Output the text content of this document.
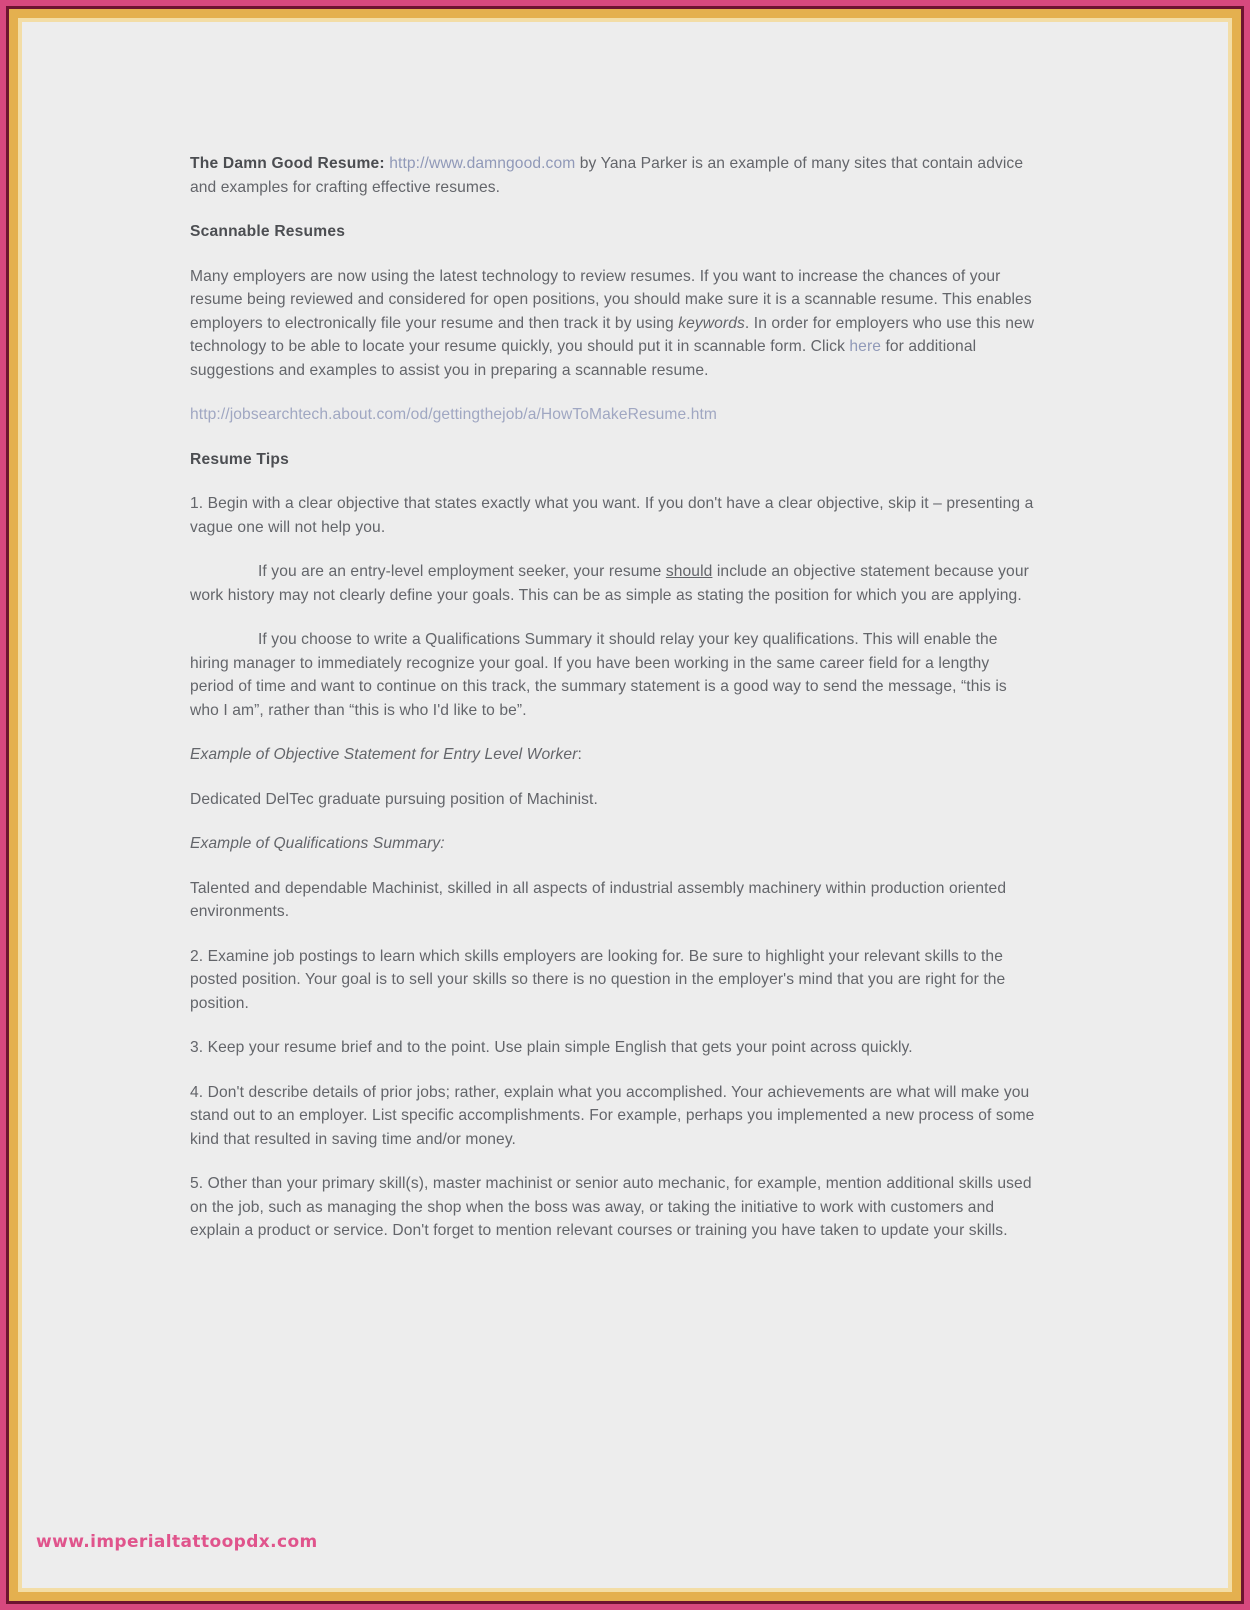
The Damn Good Resume: http://www.damngood.com by Yana Parker is an example of many sites that contain advice and examples for crafting effective resumes.

Scannable Resumes

Many employers are now using the latest technology to review resumes. If you want to increase the chances of your resume being reviewed and considered for open positions, you should make sure it is a scannable resume. This enables employers to electronically file your resume and then track it by using keywords. In order for employers who use this new technology to be able to locate your resume quickly, you should put it in scannable form. Click here for additional suggestions and examples to assist you in preparing a scannable resume.

http://jobsearchtech.about.com/od/gettingthejob/a/HowToMakeResume.htm

Resume Tips

1. Begin with a clear objective that states exactly what you want. If you don't have a clear objective, skip it – presenting a vague one will not help you.

If you are an entry-level employment seeker, your resume should include an objective statement because your work history may not clearly define your goals. This can be as simple as stating the position for which you are applying.

If you choose to write a Qualifications Summary it should relay your key qualifications. This will enable the hiring manager to immediately recognize your goal. If you have been working in the same career field for a lengthy period of time and want to continue on this track, the summary statement is a good way to send the message, “this is who I am”, rather than “this is who I'd like to be”.

Example of Objective Statement for Entry Level Worker:

Dedicated DelTec graduate pursuing position of Machinist.

Example of Qualifications Summary:

Talented and dependable Machinist, skilled in all aspects of industrial assembly machinery within production oriented environments.

2. Examine job postings to learn which skills employers are looking for. Be sure to highlight your relevant skills to the posted position. Your goal is to sell your skills so there is no question in the employer's mind that you are right for the position.

3. Keep your resume brief and to the point. Use plain simple English that gets your point across quickly.

4. Don't describe details of prior jobs; rather, explain what you accomplished. Your achievements are what will make you stand out to an employer. List specific accomplishments. For example, perhaps you implemented a new process of some kind that resulted in saving time and/or money.

5. Other than your primary skill(s), master machinist or senior auto mechanic, for example, mention additional skills used on the job, such as managing the shop when the boss was away, or taking the initiative to work with customers and explain a product or service. Don't forget to mention relevant courses or training you have taken to update your skills.

www.imperialtattoopdx.com
